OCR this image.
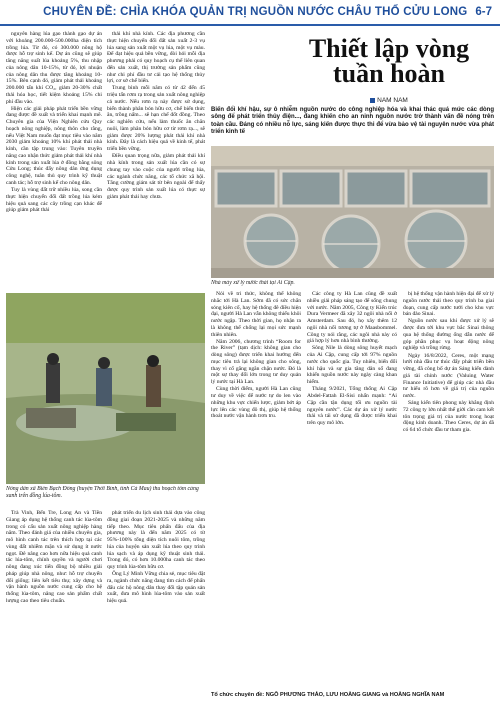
CHUYÊN ĐỀ: CHÌA KHÓA QUẢN TRỊ NGUỒN NƯỚC CHÂU THỔ CỬU LONG 6-7

nguyên hàng lúa gạo thành gạo dự án với khoảng 200.000-500.000ha diện tích trồng lúa. Từ đó, có 300.000 nông hộ được hỗ trợ sinh kế. Dự án cũng sẽ giúp tăng năng suất lúa khoảng 5%, thu nhập của nông dân 10-15%, từ đó, lợi nhuận của nông dân thu được tăng khoảng 10-15%. Bên cạnh đó, giảm phát thải khoảng 200.000 tấn khí CO₂, giảm 20-30% chất thải hóa học, tiết kiệm khoảng 15% chi phí đầu vào.

Hiện các giải pháp phát triển bền vững đang được đề xuất và triển khai mạnh mẽ. Chuyên gia của Viện Nghiên cứu Quy hoạch nông nghiệp, nông thôn cho rằng, nếu Việt Nam muốn đạt mục tiêu vào năm 2030 giảm khoảng 10% khí phát thải nhà kính, cần tập trung vào: Tuyên truyền nâng cao nhận thức giảm phát thải khí nhà kính trong sản xuất lúa ở đồng bằng sông Cửu Long; thúc đẩy nông dân ứng dụng công nghệ, tuân thủ quy trình kỹ thuật canh tác; hỗ trợ sinh kế cho nông dân.

Tuy là vùng đất trữ nhiều lúa, song cần thực hiện chuyển đổi đất trồng lúa kém hiệu quả sang các cây trồng cạn khác để giúp giảm phát thải

thải khí nhà kính. Các địa phương cần thực hiện chuyển đổi đất sản xuất 2-3 vụ lúa sang sản xuất một vụ lúa, một vụ màu. Để đạt hiệu quả bền vững, đòi hỏi mỗi địa phương phải có quy hoạch cụ thể liên quan đến sản xuất, thị trường sản phẩm cũng như chi phí đầu tư cải tạo hệ thống thủy lợi, cơ sở chế biến.

Trung bình mỗi năm có từ 42 đến 45 triệu tấn rơm rạ trong sản xuất nông nghiệp cả nước. Nếu rơm rạ này được sử dụng, biến thành phân bón hữu cơ, chế biến thức ăn, trồng nấm... sẽ hạn chế đốt đồng. Theo các nghiên cứu, nếu làm thuốc ăn chăn nuôi, làm phân bón hữu cơ từ rơm rạ..., sẽ giảm được 20% lượng phát thải khí nhà kính. Đây là cách hiệu quả về kinh tế, phát triển bền vững.

Điều quan trọng nữa, giảm phát thải khí nhà kính trong sản xuất lúa cần có sự chung tay vào cuộc của người trồng lúa, các ngành chức năng, các tổ chức xã hội. Tăng cường giám sát từ bên ngoài để thấy được quy trình sản xuất lúa có thực sự giảm phát thải hay chưa.

Nông dân xã Biển Bạch Đông (huyện Thới Bình, tỉnh Cà Mau) thu hoạch tôm càng xanh trên đồng lúa-tôm.

Trà Vinh, Bến Tre, Long An và Tiền Giang áp dụng hệ thống canh tác lúa-tôm trong có cấu sản xuất nông nghiệp hàng năm. Theo đánh giá của nhiều chuyên gia, mô hình canh tác trên thích hợp tại các vùng đất nhiễm mặn và sử dụng ít nước ngọt. Đê nâng cao hơn nữa hiệu quả canh tác lúa-tôm, chính quyền và người chơi nông đang xúc tiến đồng bộ nhiều giải pháp giúp nhà nông, như: hỗ trợ chuyển đổi giống; liên kết tiêu thụ; xây dựng và vận hành nguồn nước cung cấp cho hệ thống lúa-tôm, nâng cao sản phẩm chất lượng cao theo tiêu chuẩn.

phát triển du lịch sinh thái dựa vào công đồng giai đoạn 2021-2025 và những năm tiếp theo. Mục tiêu phấn đấu của địa phương này là đến năm 2025 có từ 95%-100% tổng diện tích nuôi tôm, trồng lúa của huyện sản xuất lúa theo quy trình lúa sạch và áp dụng kỹ thuật sinh thái. Trong đó, có hơn 10.000ha canh tác theo quy trình lúa-tôm hữu cơ.

Ông Lý Minh Vững chia sẻ, mục tiêu đặt ra, ngành chức năng đang tìm cách để phấn đấu các hộ nông dân thay đổi tập quán sản xuất, đưa mô hình lúa-tôm vào sản xuất hiệu quả.

Thiết lập vòng tuần hoàn
NAM NAM
Biến đổi khí hậu, sự ô nhiễm nguồn nước do công nghiệp hóa và khai thác quá mức các dòng sông để phát triển thủy điện..., đang khiến cho an ninh nguồn nước trở thành vấn đề nóng trên toàn cầu. Đáng có nhiều nỗ lực, sáng kiến được thực thi để vừa bảo vệ tài nguyên nước vừa phát triển kinh tế
Nhà máy xử lý nước thải tại Ai Cập.

Nói về tri thức, không thể không nhắc tới Hà Lan. Sớm đã có sức chắn sóng kiên cố, hay hệ thống đê điều hiện đại, người Hà Lan vẫn không thiếu khôi nước ngập. Theo thời gian, họ nhận ra là không thể chống lại mọi sức mạnh thiên nhiên.

Năm 2006, chương trình “Room for the River” (tạm dịch: không gian cho dòng sông) được triển khai hướng đến mục tiêu trả lại không gian cho sông, thay vì cố gắng ngăn chặn nước. Đó là một sự thay đổi lớn trong tư duy quản lý nước tại Hà Lan.

Cùng thời điểm, người Hà Lan cũng tư duy về việc để nước tự do len vào những khu vực chiến lược, giảm bớt áp lực lên các vùng đô thị, giúp hệ thống thoát nước vận hành trơn tru.

Các công ty Hà Lan cũng đề xuất nhiều giải pháp sáng tạo để sống chung với nước. Năm 2005, Công ty Kiến trúc Dura Vermeer đã xây 32 ngôi nhà nổi ở Amsterdam. Sau đó, họ xây thêm 12 ngôi nhà nổi tương tự ở Maasbommel. Công ty nói rằng, các ngôi nhà này có giá hợp lý hơn nhà bình thường.

Sông Nile là dòng sông huyết mạch của Ai Cập, cung cấp tới 97% nguồn nước cho quốc gia. Tuy nhiên, biến đổi khí hậu và sự gia tăng dân số đang khiến nguồn nước này ngày càng khan hiếm.

Tháng 9/2021, Tổng thống Ai Cập Abdel-Fattah El-Sisi nhấn mạnh: “Ai Cập cần tận dụng tối ưu nguồn tài nguyên nước”. Các dự án xử lý nước thải và tái sử dụng đã được triển khai trên quy mô lớn.

bị hệ thống vận hành hiện đại để xử lý nguồn nước thải theo quy trình ba giai đoạn, cung cấp nước tưới cho khu vực bán đảo Sinai.

Nguồn nước sau khi được xử lý sẽ được đưa tới khu vực bắc Sinai thông qua hệ thống đường ống dẫn nước để góp phần phục vụ hoạt động nông nghiệp và trồng rừng.

Ngày 16/8/2022, Ceres, một mạng lưới nhà đầu tư thúc đẩy phát triển bền vững, đã công bố dự án Sáng kiến dành giá tài chính nước (Valuing Water Finance Initiative) để giúp các nhà đầu tư hiểu rõ hơn về giá trị của nguồn nước.

Sáng kiến tiên phong này khẳng định 72 công ty lớn nhất thế giới cần cam kết tôn trọng giá trị của nước trong hoạt động kinh doanh. Theo Ceres, dự án đã có 64 tổ chức đầu tư tham gia.

Tổ chức chuyên đề: NGÔ PHƯƠNG THẢO, LƯU HOÀNG GIANG và HOÀNG NGHĨA NAM
